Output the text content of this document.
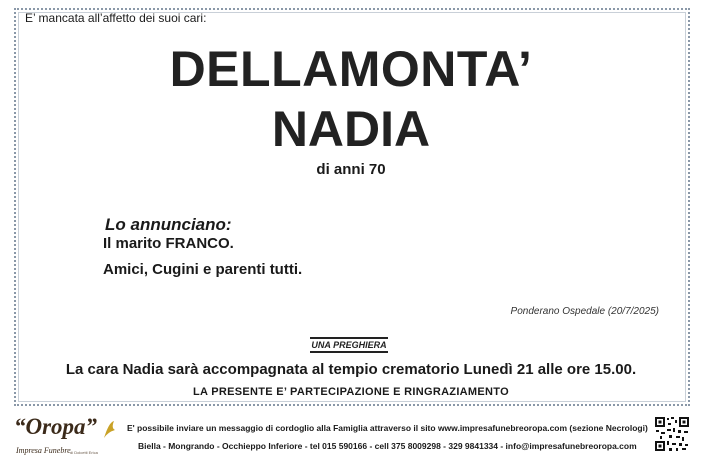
E’ mancata all’affetto dei suoi cari:
DELLAMONTA’
NADIA
di anni 70
Lo annunciano:
Il marito FRANCO.
Amici, Cugini e parenti tutti.
Ponderano Ospedale (20/7/2025)
UNA PREGHIERA
La cara Nadia sarà accompagnata al tempio crematorio Lunedì 21 alle ore 15.00.
LA PRESENTE E’ PARTECIPAZIONE E RINGRAZIAMENTO
“Oropa”
Impresa Funebre di Dolcetti Erica
E' possibile inviare un messaggio di cordoglio alla Famiglia attraverso il sito www.impresafunebreoropa.com (sezione Necrologi)
Biella - Mongrando - Occhieppo Inferiore - tel 015 590166 - cell 375 8009298 - 329 9841334 - info@impresafunebreoropa.com
